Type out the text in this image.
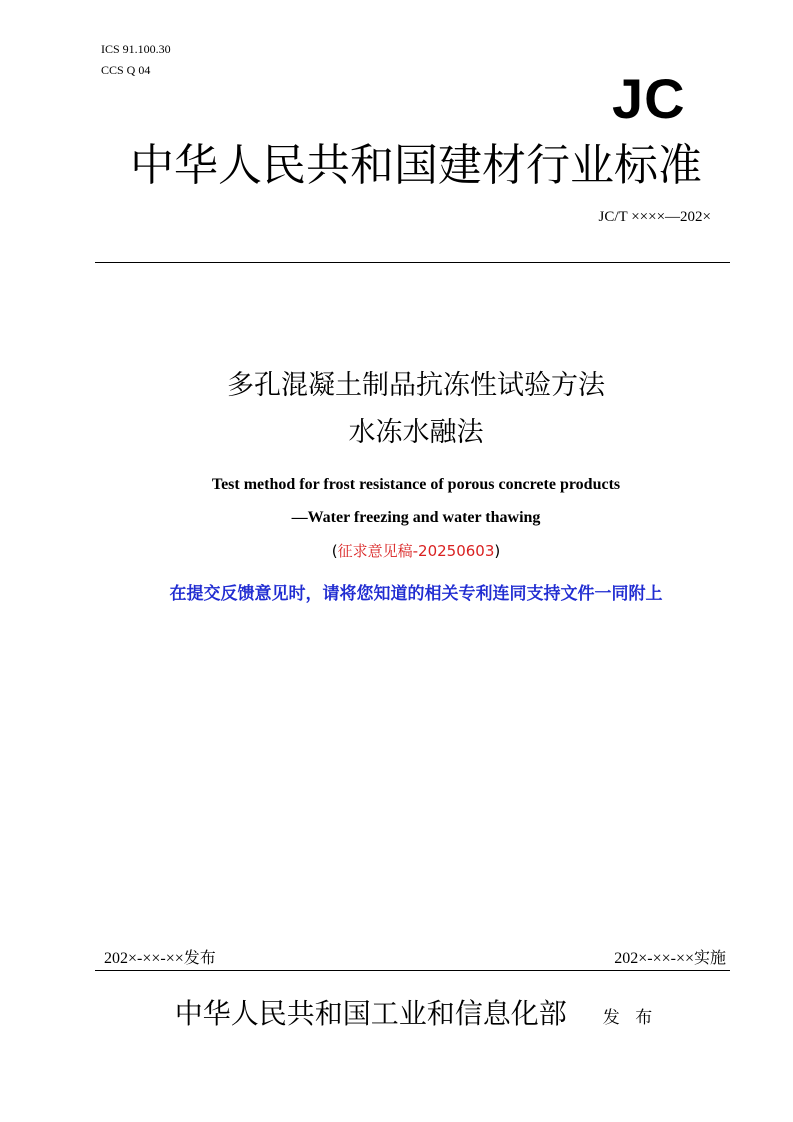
ICS 91.100.30
CCS Q 04	JC
中华人民共和国建材行业标准
JC/T ××××—202×
多孔混凝土制品抗冻性试验方法
水冻水融法
Test method for frost resistance of porous concrete products
—Water freezing and water thawing
(征求意见稿-20250603)
在提交反馈意见时，请将您知道的相关专利连同支持文件一同附上
202×-××-××发布	202×-××-××实施
中华人民共和国工业和信息化部 发 布
